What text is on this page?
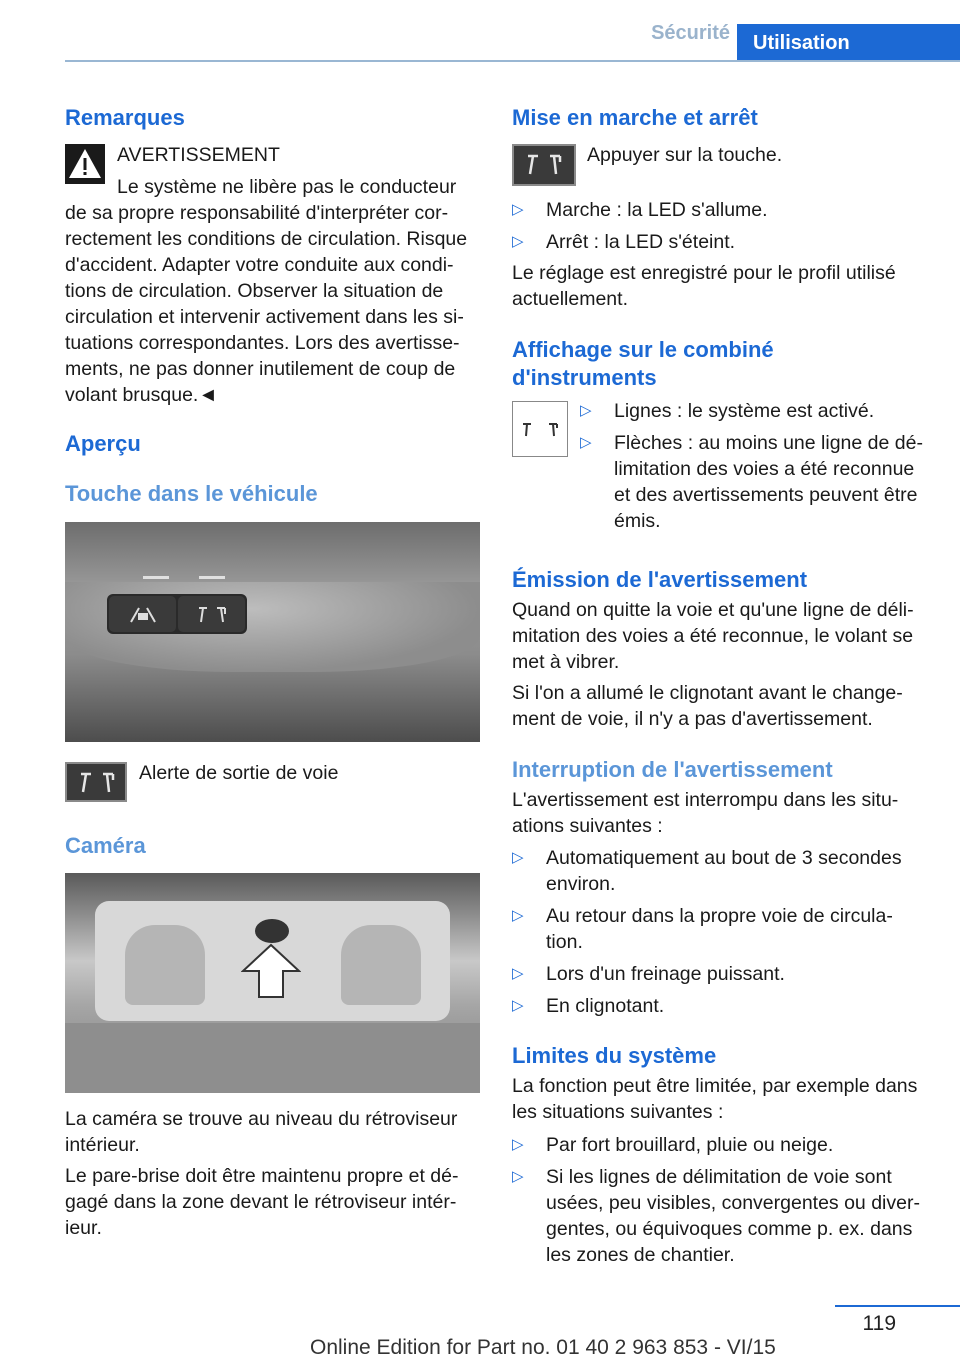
Sécurité Utilisation
Remarques

AVERTISSEMENT

Le système ne libère pas le conducteur

de sa propre responsabilité d'interpréter cor-

rectement les conditions de circulation. Risque

d'accident. Adapter votre conduite aux condi-

tions de circulation. Observer la situation de

circulation et intervenir activement dans les si-

tuations correspondantes. Lors des avertisse-

ments, ne pas donner inutilement de coup de

volant brusque.◄

Aperçu
Touche dans le véhicule

Alerte de sortie de voie

Caméra

La caméra se trouve au niveau du rétroviseur

intérieur.

Le pare-brise doit être maintenu propre et dé-

gagé dans la zone devant le rétroviseur intér-

ieur.

Mise en marche et arrêt

Appuyer sur la touche.

▷ Marche : la LED s'allume.
▷ Arrêt : la LED s'éteint.

Le réglage est enregistré pour le profil utilisé

actuellement.

Affichage sur le combiné
d'instruments
▷ Lignes : le système est activé.
▷ Flèches : au moins une ligne de dé-
limitation des voies a été reconnue
et des avertissements peuvent être
émis.
Émission de l'avertissement

Quand on quitte la voie et qu'une ligne de déli-

mitation des voies a été reconnue, le volant se

met à vibrer.

Si l'on a allumé le clignotant avant le change-

ment de voie, il n'y a pas d'avertissement.

Interruption de l'avertissement

L'avertissement est interrompu dans les situ-

ations suivantes :

▷ Automatiquement au bout de 3 secondes
environ.
▷ Au retour dans la propre voie de circula-
tion.
▷ Lors d'un freinage puissant.
▷ En clignotant.
Limites du système

La fonction peut être limitée, par exemple dans

les situations suivantes :

▷ Par fort brouillard, pluie ou neige.
▷ Si les lignes de délimitation de voie sont
usées, peu visibles, convergentes ou diver-
gentes, ou équivoques comme p. ex. dans
les zones de chantier.
119
Online Edition for Part no. 01 40 2 963 853 - VI/15
